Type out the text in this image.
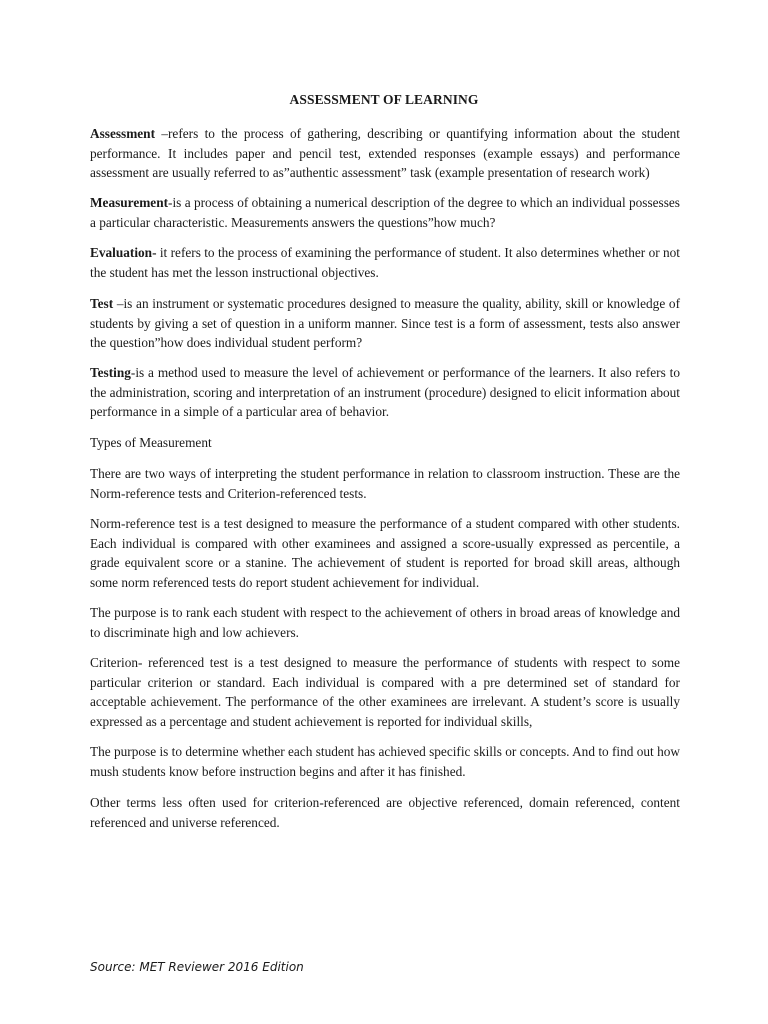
ASSESSMENT OF LEARNING

Assessment –refers to the process of gathering, describing or quantifying information about the student performance. It includes paper and pencil test, extended responses (example essays) and performance assessment are usually referred to as”authentic assessment” task (example presentation of research work)

Measurement-is a process of obtaining a numerical description of the degree to which an individual possesses a particular characteristic. Measurements answers the questions”how much?

Evaluation- it refers to the process of examining the performance of student. It also determines whether or not the student has met the lesson instructional objectives.

Test –is an instrument or systematic procedures designed to measure the quality, ability, skill or knowledge of students by giving a set of question in a uniform manner. Since test is a form of assessment, tests also answer the question”how does individual student perform?

Testing-is a method used to measure the level of achievement or performance of the learners. It also refers to the administration, scoring and interpretation of an instrument (procedure) designed to elicit information about performance in a simple of a particular area of behavior.

Types of Measurement

There are two ways of interpreting the student performance in relation to classroom instruction. These are the Norm-reference tests and Criterion-referenced tests.

Norm-reference test is a test designed to measure the performance of a student compared with other students. Each individual is compared with other examinees and assigned a score-usually expressed as percentile, a grade equivalent score or a stanine. The achievement of student is reported for broad skill areas, although some norm referenced tests do report student achievement for individual.

The purpose is to rank each student with respect to the achievement of others in broad areas of knowledge and to discriminate high and low achievers.

Criterion- referenced test is a test designed to measure the performance of students with respect to some particular criterion or standard. Each individual is compared with a pre determined set of standard for acceptable achievement. The performance of the other examinees are irrelevant. A student’s score is usually expressed as a percentage and student achievement is reported for individual skills,

The purpose is to determine whether each student has achieved specific skills or concepts. And to find out how mush students know before instruction begins and after it has finished.

Other terms less often used for criterion-referenced are objective referenced, domain referenced, content referenced and universe referenced.

Source: MET Reviewer 2016 Edition
